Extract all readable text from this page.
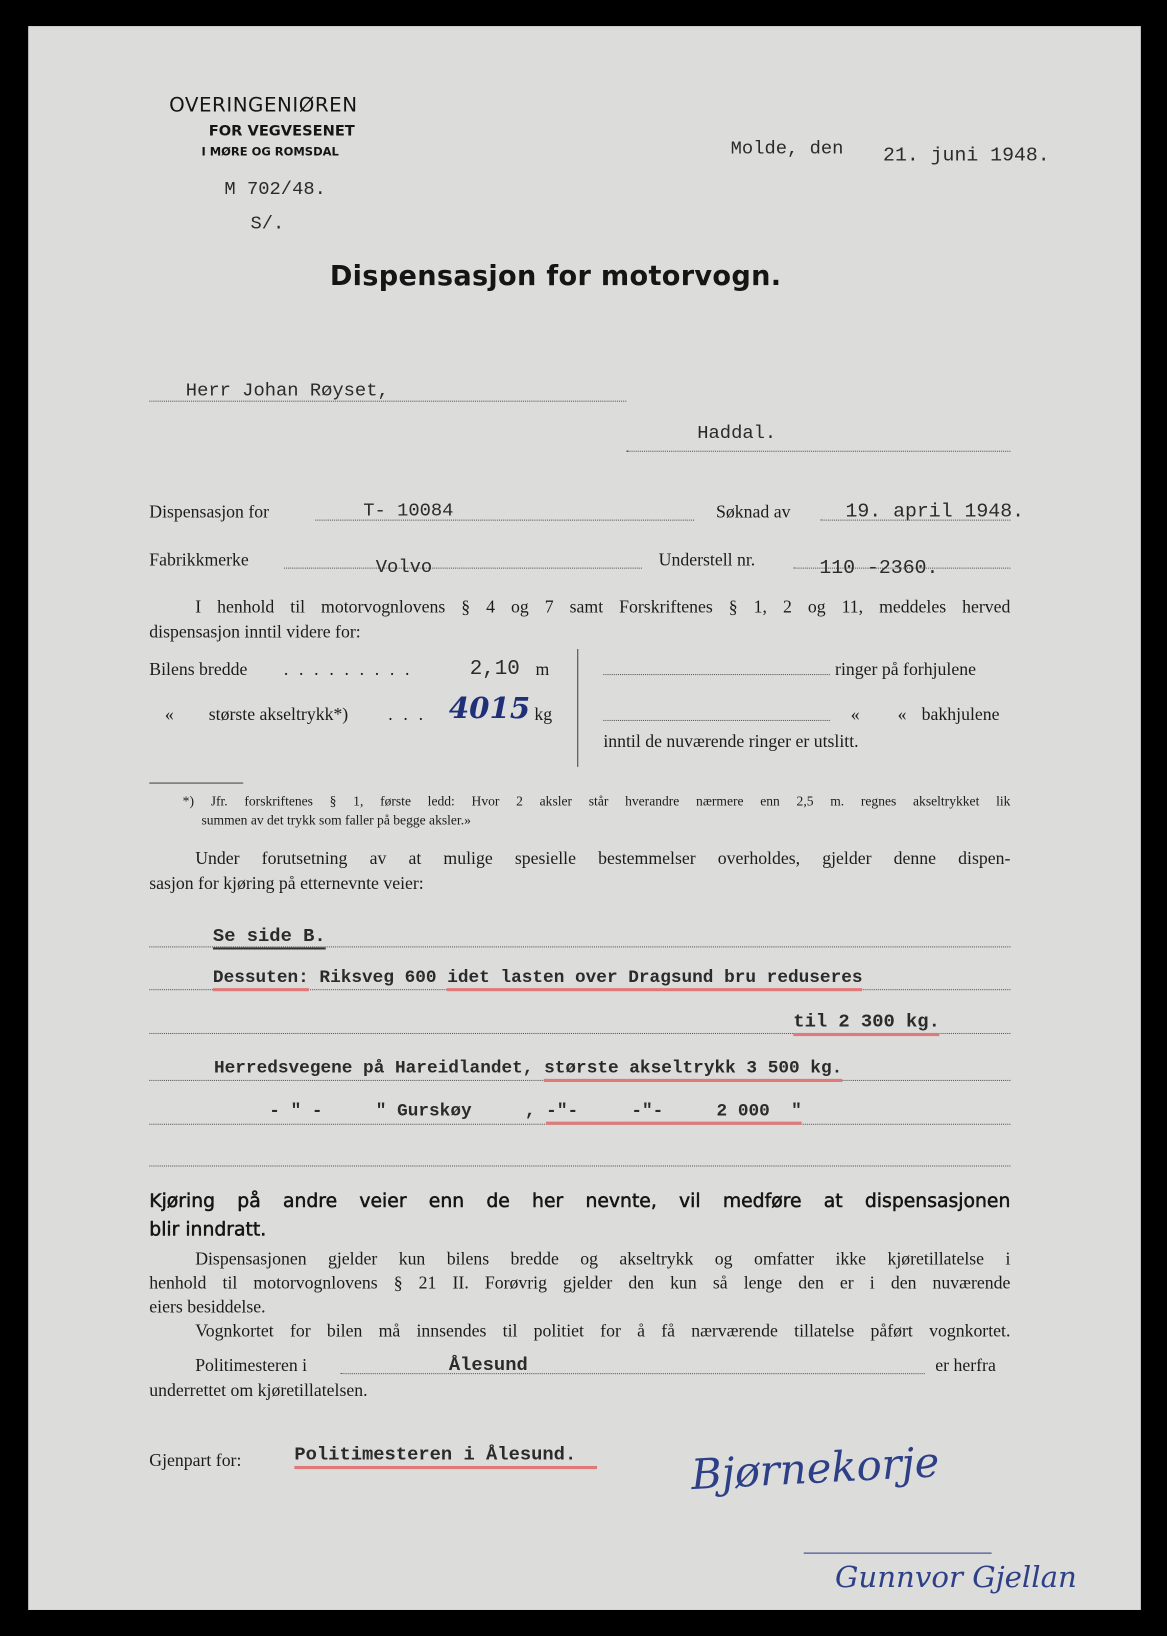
OVERINGENIØREN
FOR VEGVESENET
I MØRE OG ROMSDAL	Molde, den 21. juni 1948.
M 702/48.
S/.
Dispensasjon for motorvogn.
Herr Johan Røyset,
Haddal.
Dispensasjon for	T- 10084	Søknad av	19. april 1948.
Fabrikkmerke	Volvo	Understell nr.	110 -2360.
I henhold til motorvognlovens § 4 og 7 samt Forskriftenes § 1, 2 og 11, meddeles herved
dispensasjon inntil videre for:
Bilens bredde . . . . . . . . .	2,10 m
« største akseltrykk*) . . . 4015 kg
ringer på forhjulene
« « bakhjulene
inntil de nuværende ringer er utslitt.
*) Jfr. forskriftenes § 1, første ledd: Hvor 2 aksler står hverandre nærmere enn 2,5 m. regnes akseltrykket lik
summen av det trykk som faller på begge aksler.»
Under forutsetning av at mulige spesielle bestemmelser overholdes, gjelder denne dispen-
sasjon for kjøring på etternevnte veier:
Se side B.
Dessuten: Riksveg 600 idet lasten over Dragsund bru reduseres
til 2 300 kg.
Herredsvegene på Hareidlandet, største akseltrykk 3 500 kg.
- " -     " Gurskøy     , -"-     -"-     2 000  "
Kjøring på andre veier enn de her nevnte, vil medføre at dispensasjonen
blir inndratt.
Dispensasjonen gjelder kun bilens bredde og akseltrykk og omfatter ikke kjøretillatelse i
henhold til motorvognlovens § 21 II. Forøvrig gjelder den kun så lenge den er i den nuværende
eiers besiddelse.
Vognkortet for bilen må innsendes til politiet for å få nærværende tillatelse påført vognkortet.
Politimesteren i	Ålesund	er herfra
underrettet om kjøretillatelsen.
Gjenpart for:	Politimesteren i Ålesund.	Bjørnekorje
Gunnvor Gjellan
